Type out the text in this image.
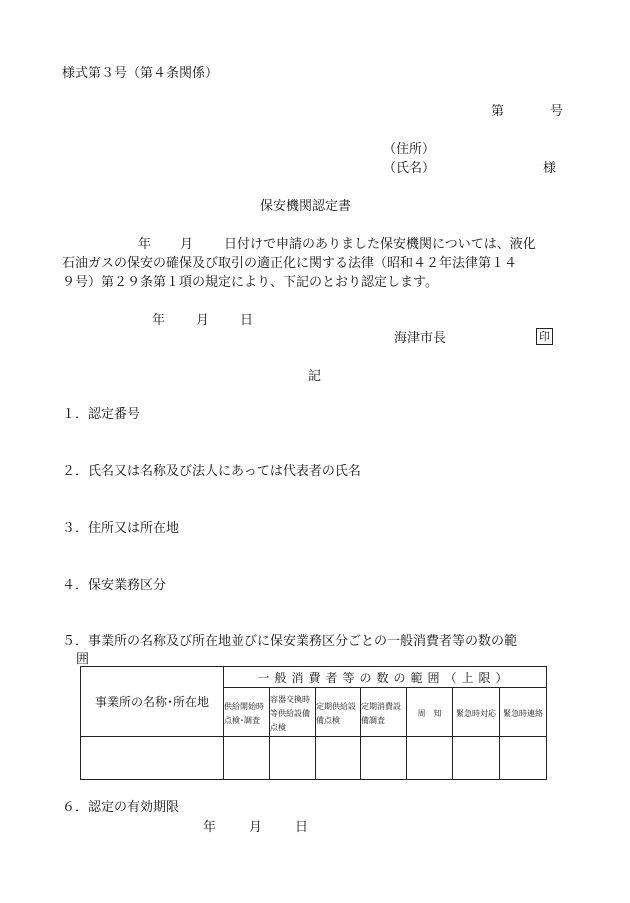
様式第３号（第４条関係）
第	号
（住所）
（氏名）	様
保安機関認定書
年 月 日付けで申請のありました保安機関については、液化
石油ガスの保安の確保及び取引の適正化に関する法律（昭和４２年法律第１４
９号）第２９条第１項の規定により、下記のとおり認定します。
年 月 日
海津市長	印
記
１．認定番号
２．氏名又は名称及び法人にあっては代表者の氏名
３．住所又は所在地
４．保安業務区分
５．事業所の名称及び所在地並びに保安業務区分ごとの一般消費者等の数の範
囲
事業所の名称･所在地	一般消費者等の数の範囲（上限）						

	供給開始時点検･調査	容器交換時等供給設備点検	定期供給設備点検	定期消費設備調査	周　知	緊急時対応	緊急時連絡

６．認定の有効期限
年	月	日
